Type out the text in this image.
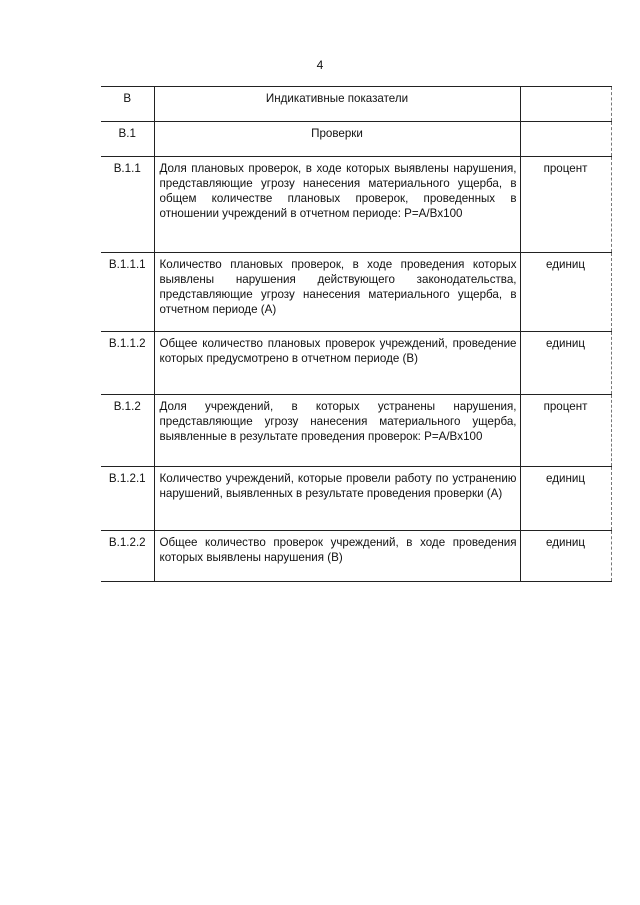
4
В	Индикативные показатели	
В.1	Проверки	
В.1.1	Доля плановых проверок, в ходе которых выявлены нарушения, представляющие угрозу нанесения материального ущерба, в общем количестве плановых проверок, проведенных в отношении учреждений в отчетном периоде: P=A/Bx100	процент
В.1.1.1	Количество плановых проверок, в ходе проведения которых выявлены нарушения действующего законодательства, представляющие угрозу нанесения материального ущерба, в отчетном периоде (А)	единиц
В.1.1.2	Общее количество плановых проверок учреждений, проведение которых предусмотрено в отчетном периоде (В)	единиц
В.1.2	Доля учреждений, в которых устранены нарушения, представляющие угрозу нанесения материального ущерба, выявленные в результате проведения проверок: P=A/Bx100	процент
В.1.2.1	Количество учреждений, которые провели работу по устранению нарушений, выявленных в результате проведения проверки (А)	единиц
В.1.2.2	Общее количество проверок учреждений, в ходе проведения которых выявлены нарушения (В)	единиц
